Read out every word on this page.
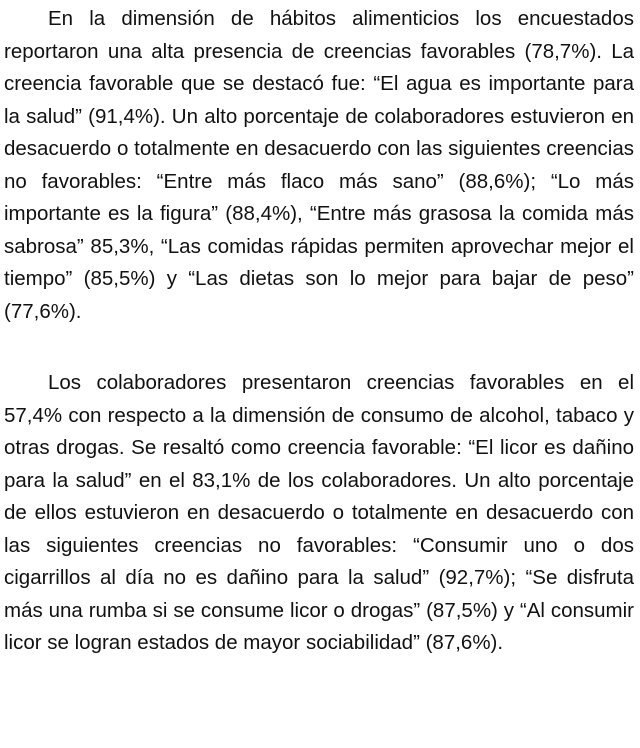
En la dimensión de hábitos alimenticios los encuestados reportaron una alta presencia de creencias favorables (78,7%). La creencia favorable que se destacó fue: “El agua es importante para la salud” (91,4%). Un alto porcentaje de colaboradores estuvieron en desacuerdo o totalmente en desacuerdo con las siguientes creencias no favorables: “Entre más flaco más sano” (88,6%); “Lo más importante es la figura” (88,4%), “Entre más grasosa la comida más sabrosa” 85,3%, “Las comidas rápidas permiten aprovechar mejor el tiempo” (85,5%) y “Las dietas son lo mejor para bajar de peso” (77,6%).

Los colaboradores presentaron creencias favorables en el 57,4% con respecto a la dimensión de consumo de alcohol, tabaco y otras drogas. Se resaltó como creencia favorable: “El licor es dañino para la salud” en el 83,1% de los colaboradores. Un alto porcentaje de ellos estuvieron en desacuerdo o totalmente en desacuerdo con las siguientes creencias no favorables: “Consumir uno o dos cigarrillos al día no es dañino para la salud” (92,7%); “Se disfruta más una rumba si se consume licor o drogas” (87,5%) y “Al consumir licor se logran estados de mayor sociabilidad” (87,6%).
